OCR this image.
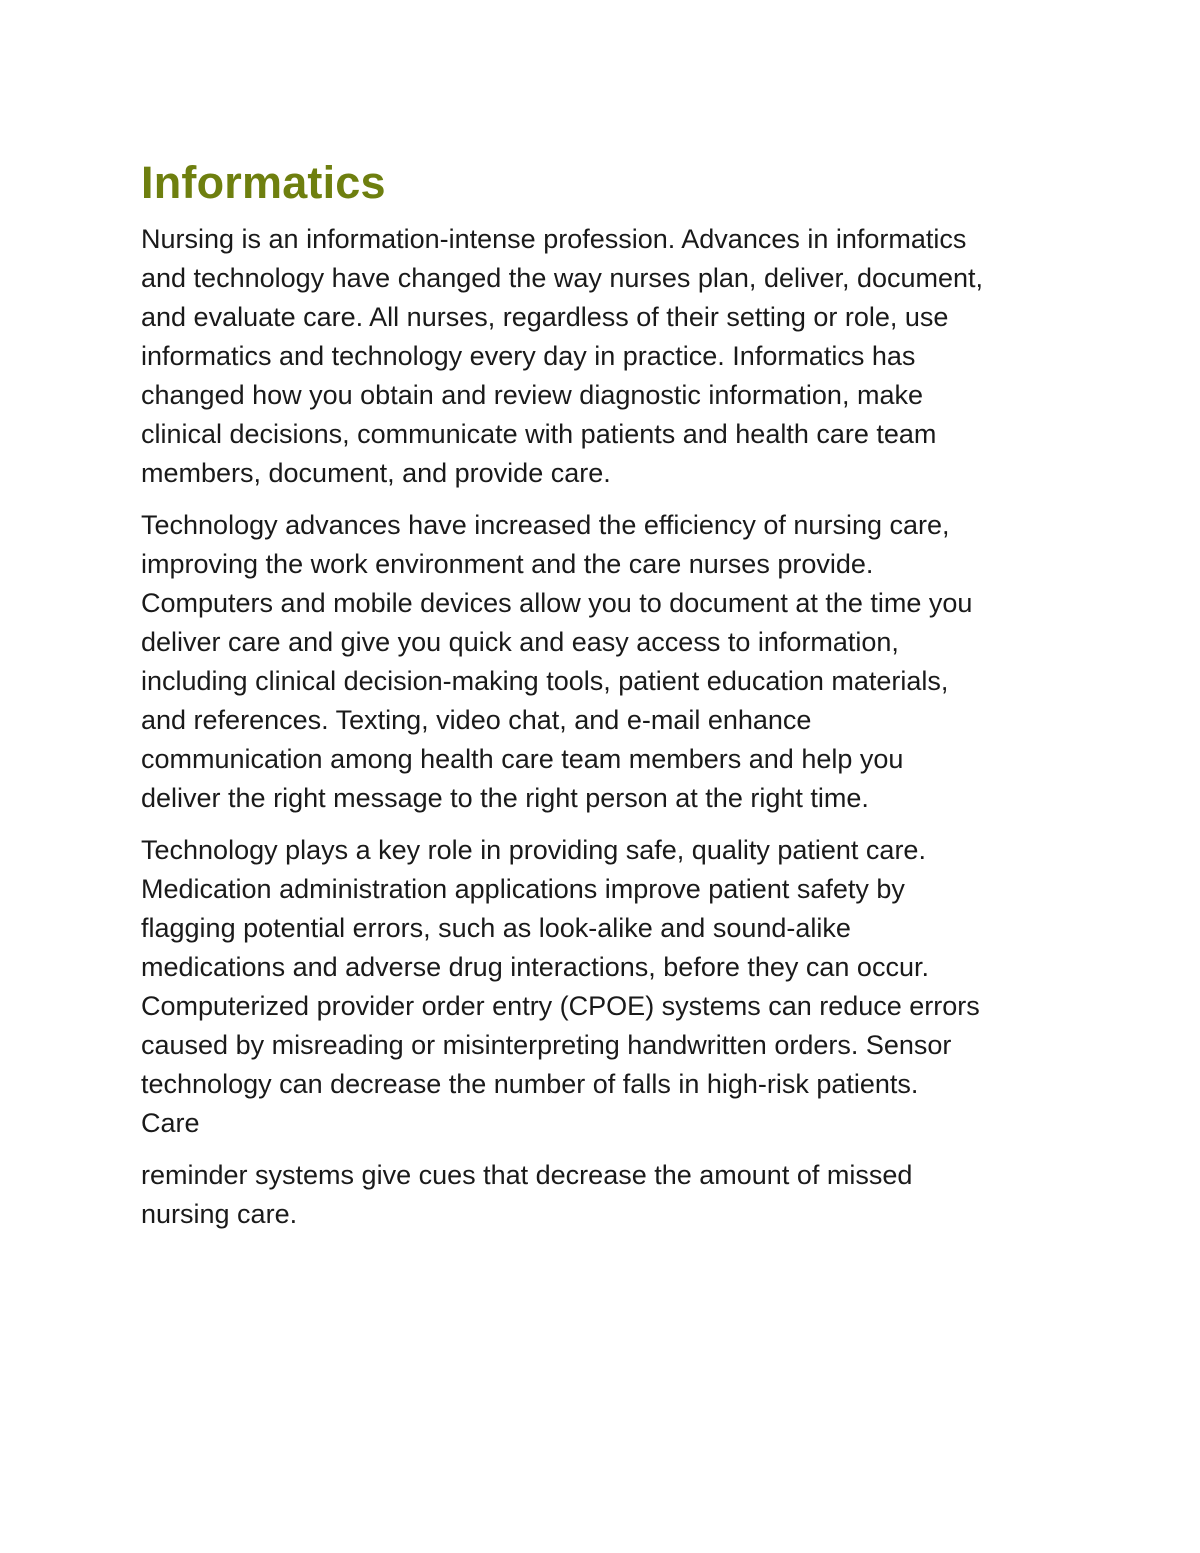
Informatics

Nursing is an information-intense profession. Advances in informatics

and technology have changed the way nurses plan, deliver, document,

and evaluate care. All nurses, regardless of their setting or role, use

informatics and technology every day in practice. Informatics has

changed how you obtain and review diagnostic information, make

clinical decisions, communicate with patients and health care team

members, document, and provide care.

Technology advances have increased the efficiency of nursing care,

improving the work environment and the care nurses provide.

Computers and mobile devices allow you to document at the time you

deliver care and give you quick and easy access to information,

including clinical decision-making tools, patient education materials,

and references. Texting, video chat, and e-mail enhance

communication among health care team members and help you

deliver the right message to the right person at the right time.

Technology plays a key role in providing safe, quality patient care.

Medication administration applications improve patient safety by

flagging potential errors, such as look-alike and sound-alike

medications and adverse drug interactions, before they can occur.

Computerized provider order entry (CPOE) systems can reduce errors

caused by misreading or misinterpreting handwritten orders. Sensor

technology can decrease the number of falls in high-risk patients.

Care

reminder systems give cues that decrease the amount of missed

nursing care.
